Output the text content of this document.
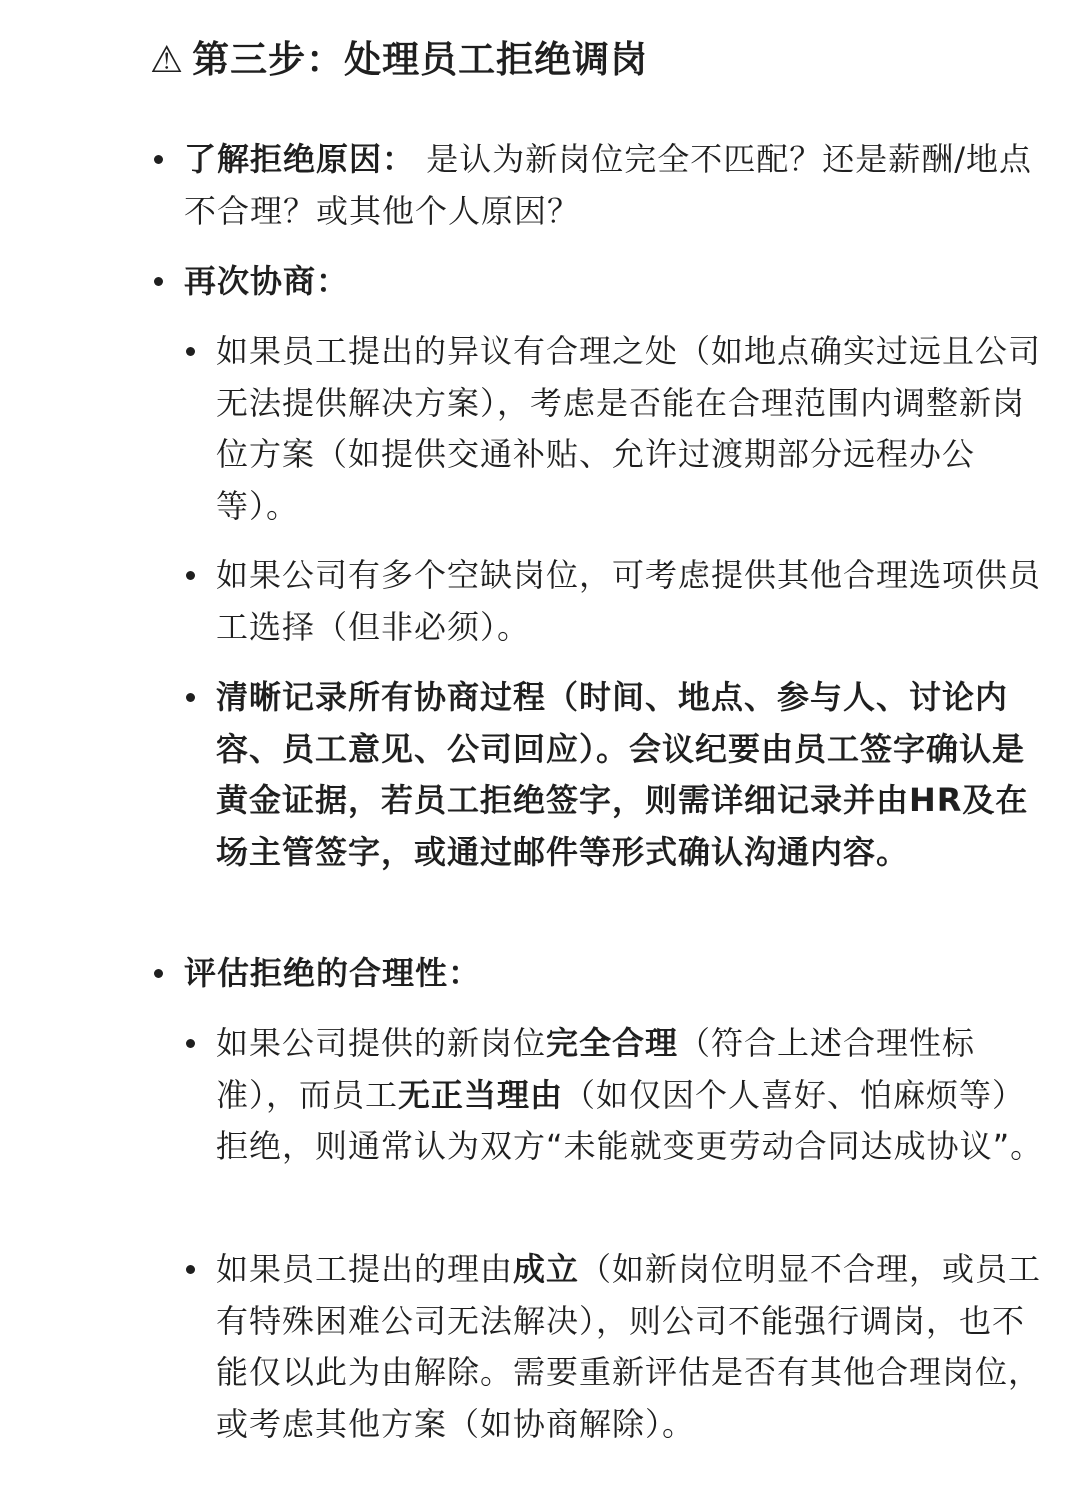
⚠ 第三步：处理员工拒绝调岗

了解拒绝原因： 是认为新岗位完全不匹配？还是薪酬/地点不合理？或其他个人原因？

再次协商：

如果员工提出的异议有合理之处（如地点确实过远且公司无法提供解决方案），考虑是否能在合理范围内调整新岗位方案（如提供交通补贴、允许过渡期部分远程办公等）。

如果公司有多个空缺岗位，可考虑提供其他合理选项供员工选择（但非必须）。

清晰记录所有协商过程（时间、地点、参与人、讨论内容、员工意见、公司回应）。会议纪要由员工签字确认是黄金证据，若员工拒绝签字，则需详细记录并由HR及在场主管签字，或通过邮件等形式确认沟通内容。

评估拒绝的合理性：

如果公司提供的新岗位完全合理（符合上述合理性标准），而员工无正当理由（如仅因个人喜好、怕麻烦等）拒绝，则通常认为双方“未能就变更劳动合同达成协议”。

如果员工提出的理由成立（如新岗位明显不合理，或员工有特殊困难公司无法解决），则公司不能强行调岗，也不能仅以此为由解除。需要重新评估是否有其他合理岗位，或考虑其他方案（如协商解除）。
